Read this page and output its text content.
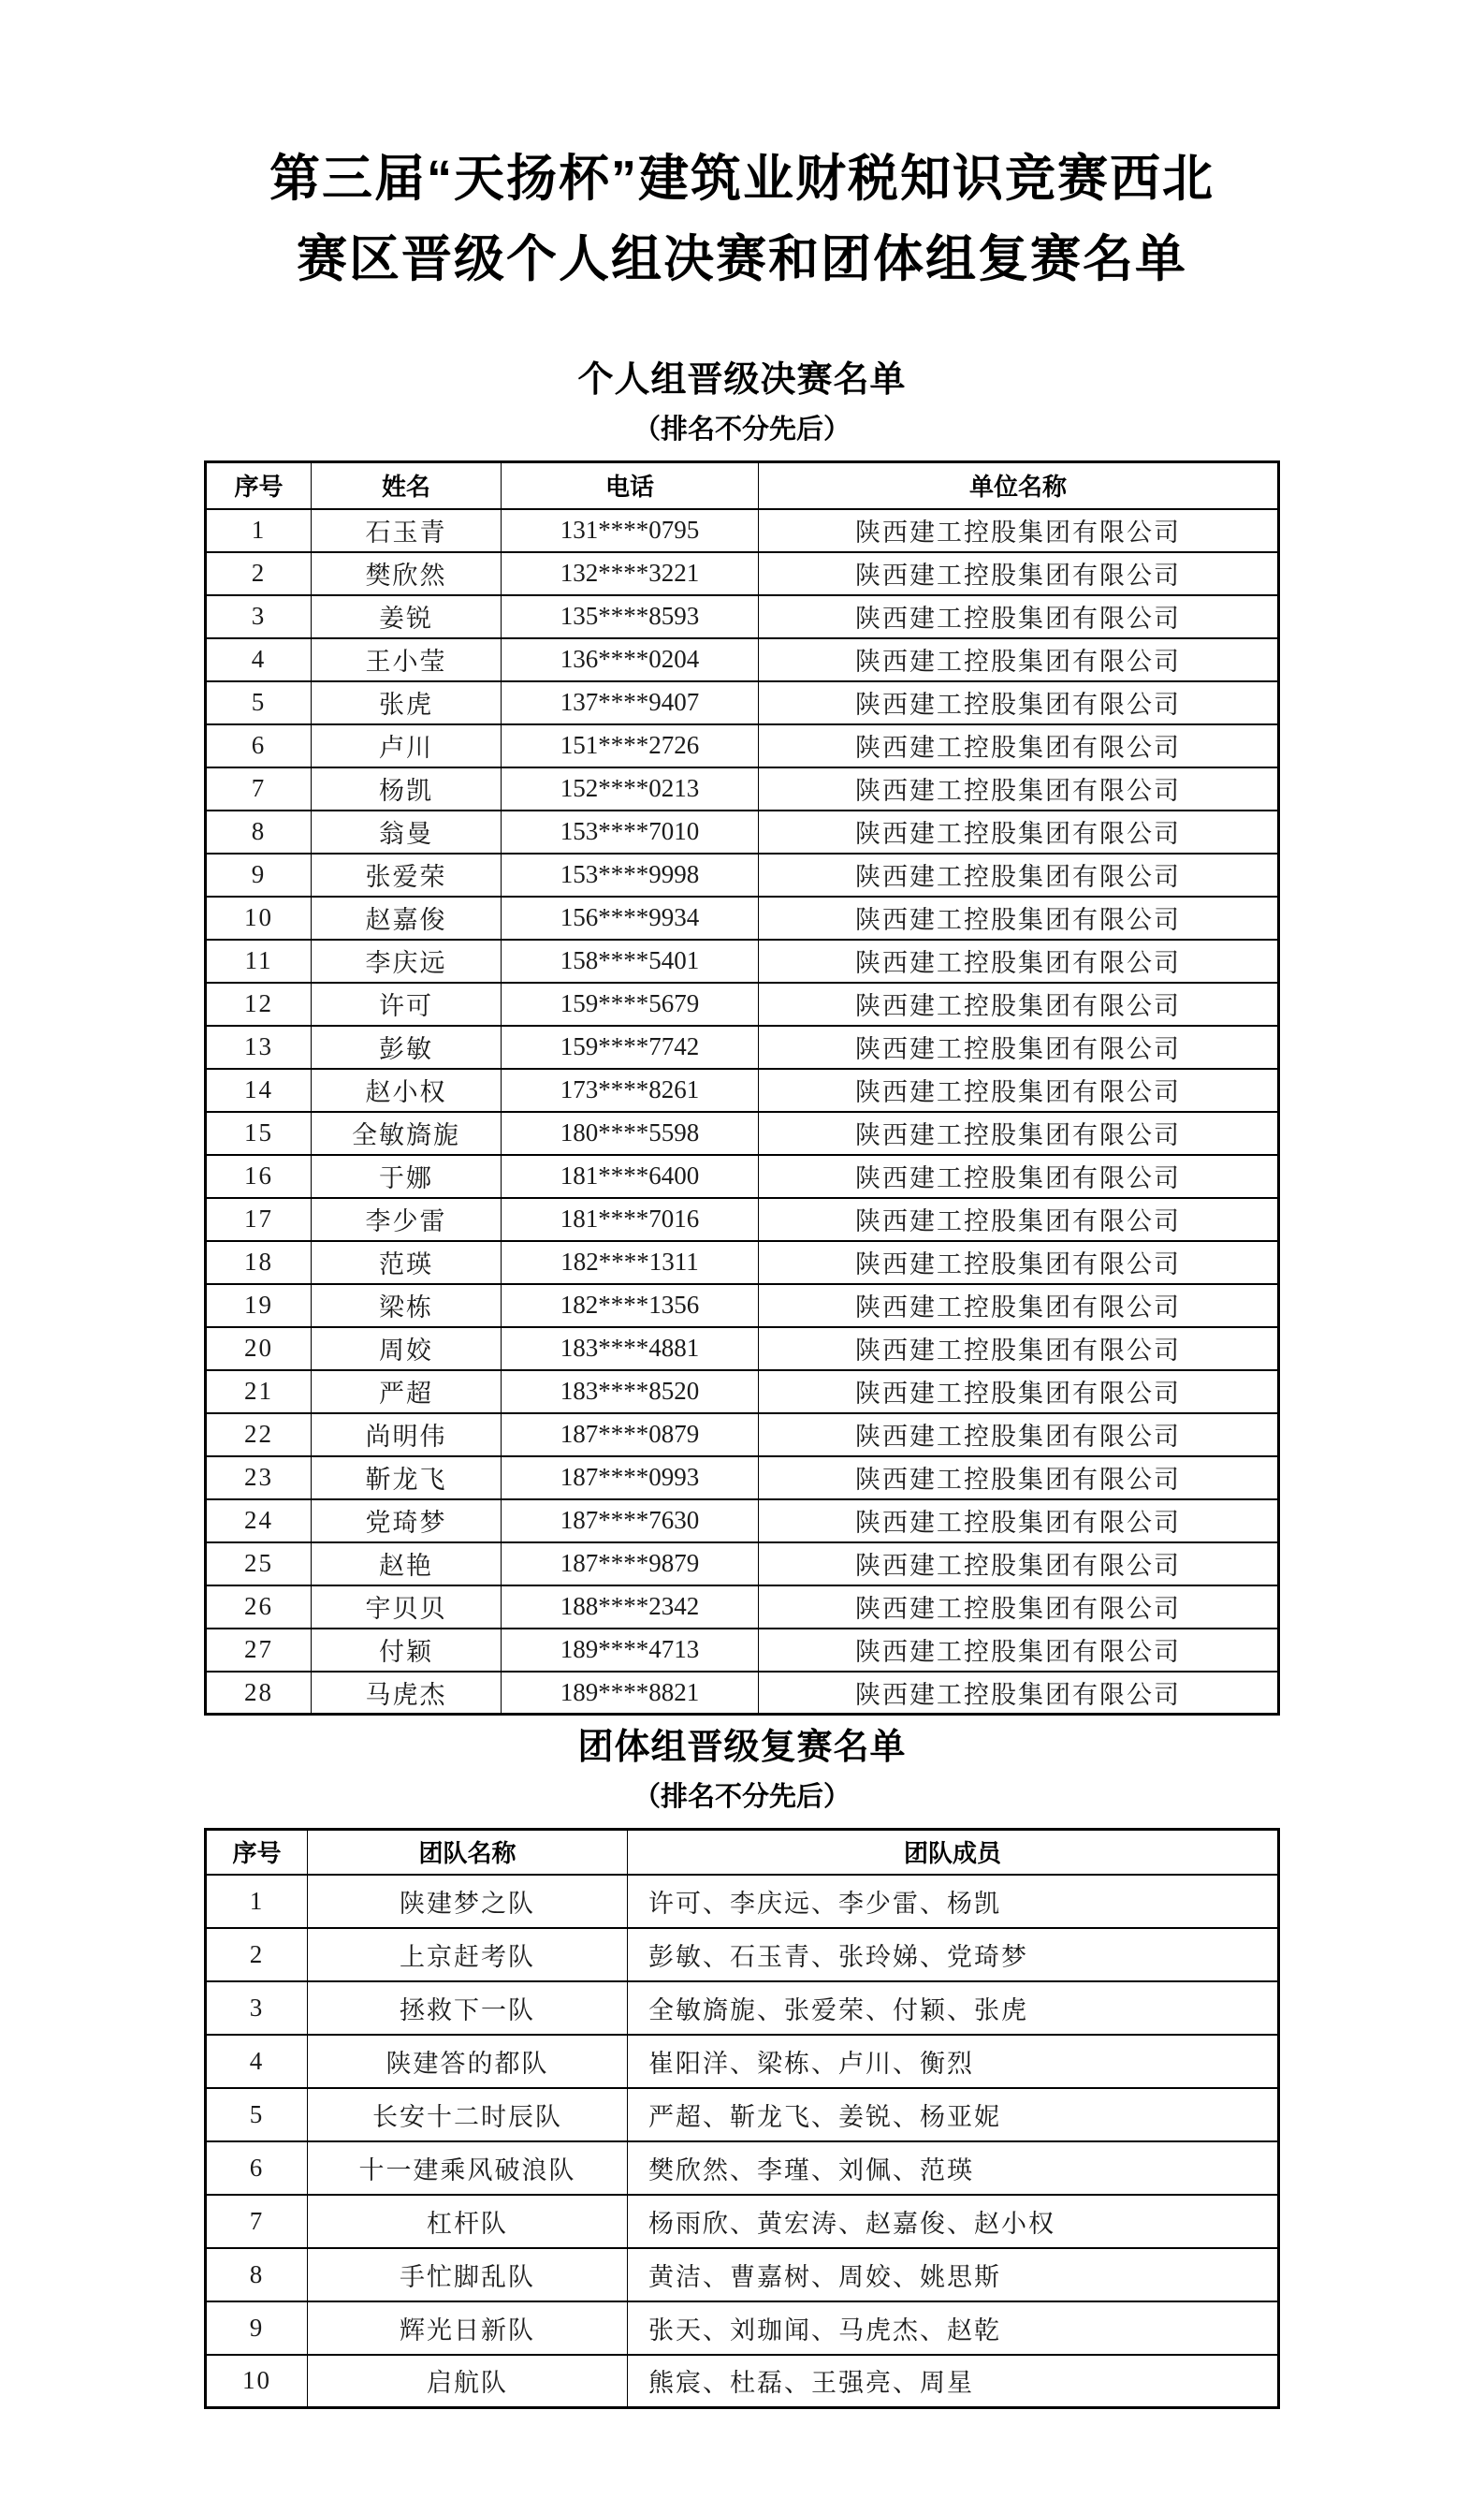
第三届“天扬杯”建筑业财税知识竞赛西北
赛区晋级个人组决赛和团体组复赛名单
个人组晋级决赛名单
（排名不分先后）
序号	姓名	电话	单位名称
1	石玉青	131****0795	陕西建工控股集团有限公司
2	樊欣然	132****3221	陕西建工控股集团有限公司
3	姜锐	135****8593	陕西建工控股集团有限公司
4	王小莹	136****0204	陕西建工控股集团有限公司
5	张虎	137****9407	陕西建工控股集团有限公司
6	卢川	151****2726	陕西建工控股集团有限公司
7	杨凯	152****0213	陕西建工控股集团有限公司
8	翁曼	153****7010	陕西建工控股集团有限公司
9	张爱荣	153****9998	陕西建工控股集团有限公司
10	赵嘉俊	156****9934	陕西建工控股集团有限公司
11	李庆远	158****5401	陕西建工控股集团有限公司
12	许可	159****5679	陕西建工控股集团有限公司
13	彭敏	159****7742	陕西建工控股集团有限公司
14	赵小权	173****8261	陕西建工控股集团有限公司
15	全敏旖旎	180****5598	陕西建工控股集团有限公司
16	于娜	181****6400	陕西建工控股集团有限公司
17	李少雷	181****7016	陕西建工控股集团有限公司
18	范瑛	182****1311	陕西建工控股集团有限公司
19	梁栋	182****1356	陕西建工控股集团有限公司
20	周姣	183****4881	陕西建工控股集团有限公司
21	严超	183****8520	陕西建工控股集团有限公司
22	尚明伟	187****0879	陕西建工控股集团有限公司
23	靳龙飞	187****0993	陕西建工控股集团有限公司
24	党琦梦	187****7630	陕西建工控股集团有限公司
25	赵艳	187****9879	陕西建工控股集团有限公司
26	宇贝贝	188****2342	陕西建工控股集团有限公司
27	付颖	189****4713	陕西建工控股集团有限公司
28	马虎杰	189****8821	陕西建工控股集团有限公司
团体组晋级复赛名单
（排名不分先后）
序号	团队名称	团队成员
1	陕建梦之队	许可、李庆远、李少雷、杨凯
2	上京赶考队	彭敏、石玉青、张玲娣、党琦梦
3	拯救下一队	全敏旖旎、张爱荣、付颖、张虎
4	陕建答的都队	崔阳洋、梁栋、卢川、衡烈
5	长安十二时辰队	严超、靳龙飞、姜锐、杨亚妮
6	十一建乘风破浪队	樊欣然、李瑾、刘佩、范瑛
7	杠杆队	杨雨欣、黄宏涛、赵嘉俊、赵小权
8	手忙脚乱队	黄洁、曹嘉树、周姣、姚思斯
9	辉光日新队	张天、刘珈闻、马虎杰、赵乾
10	启航队	熊宸、杜磊、王强亮、周星
